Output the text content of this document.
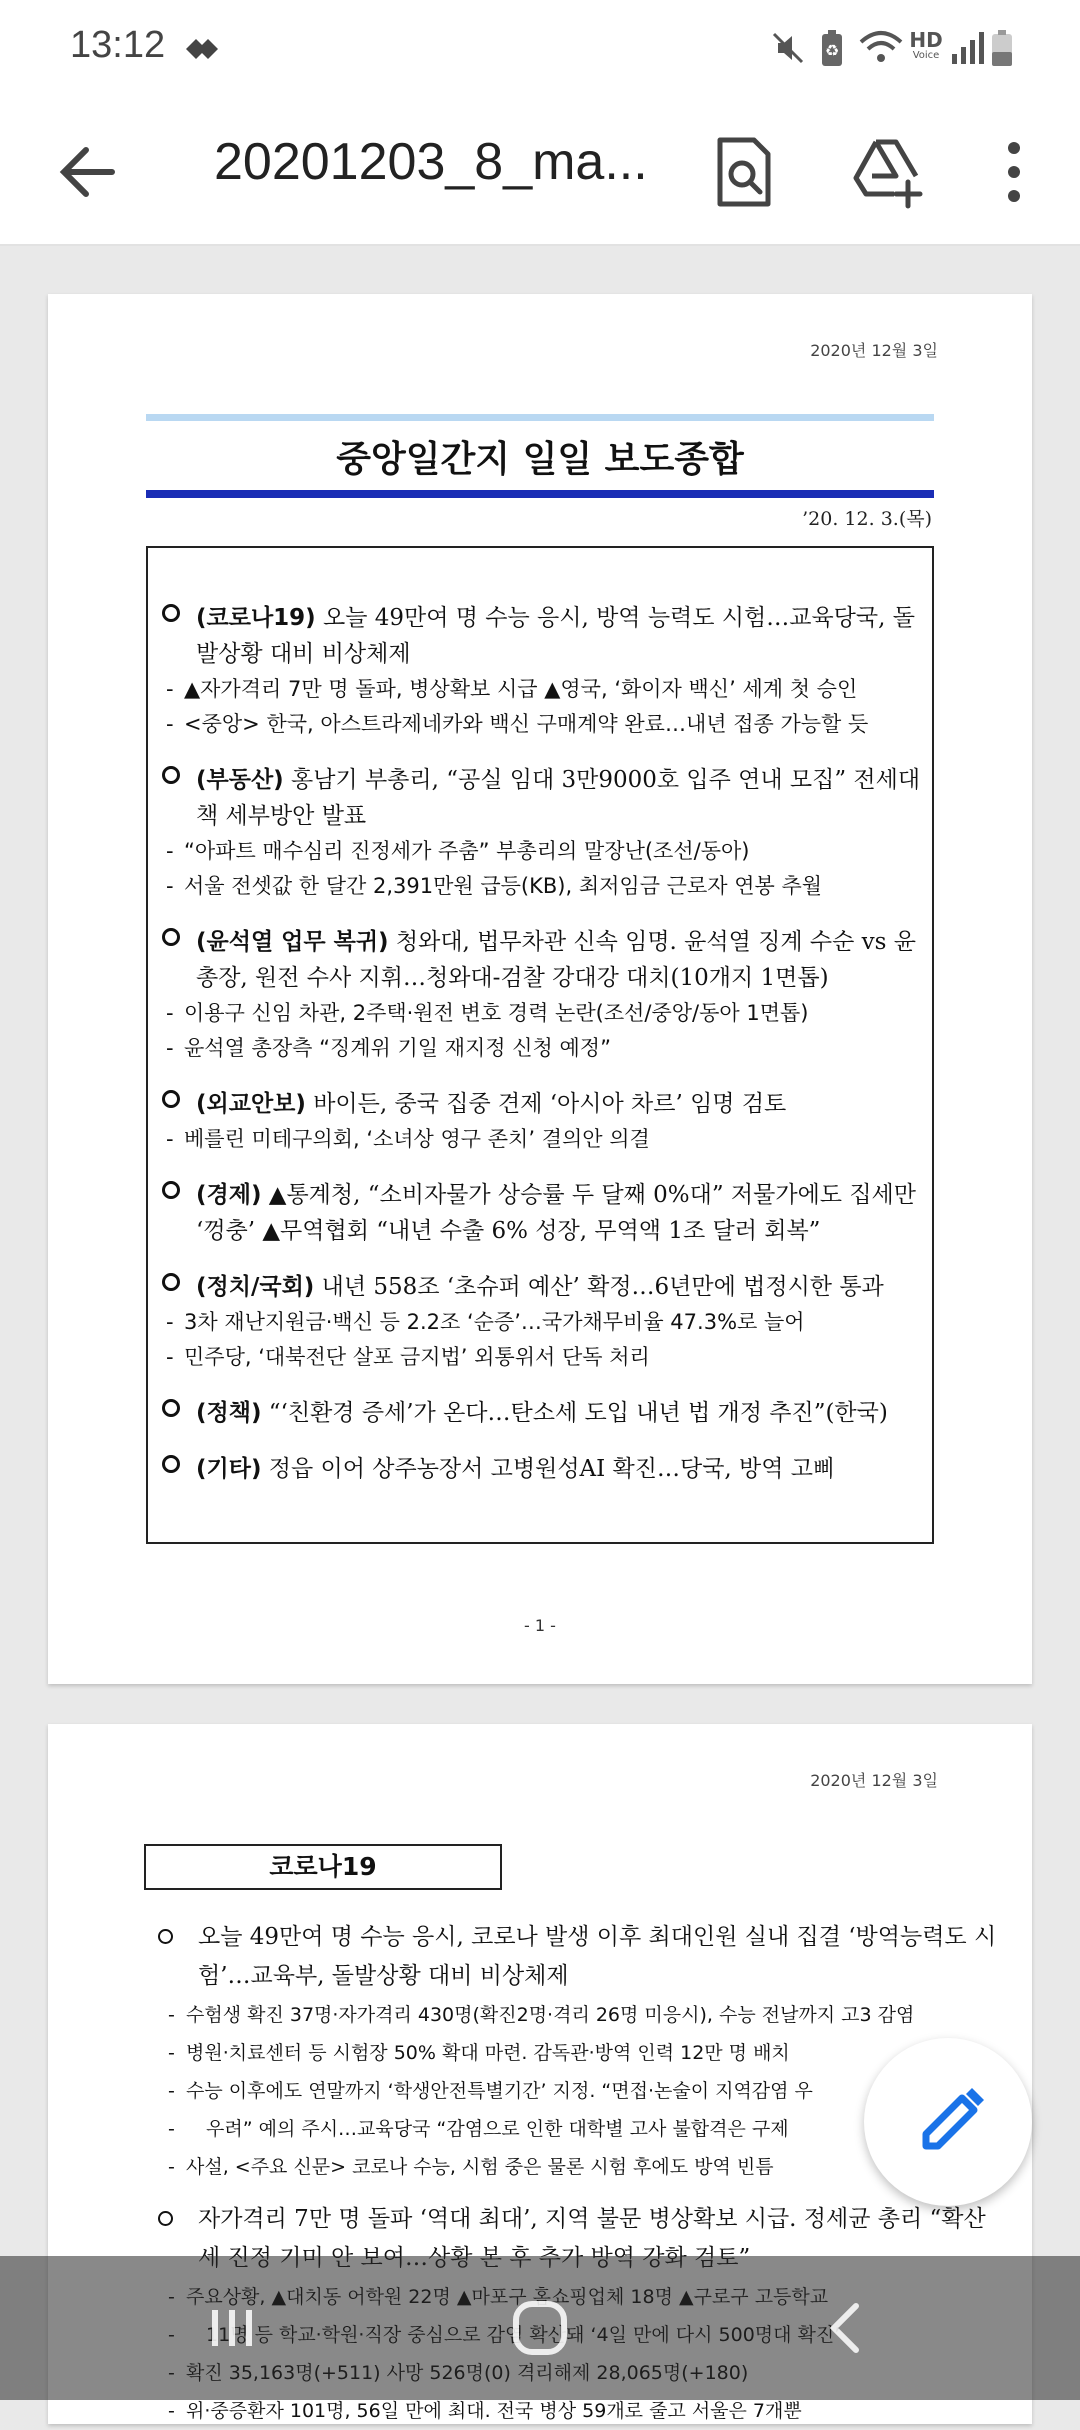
13:12	♻	HD
Voice
20201203_8_ma...
2020년 12월 3일
중앙일간지 일일 보도종합
’20. 12. 3.(목)
(코로나19) 오늘 49만여 명 수능 응시, 방역 능력도 시험…교육당국, 돌발상황 대비 비상체제
- ▲자가격리 7만 명 돌파, 병상확보 시급 ▲영국, ‘화이자 백신’ 세계 첫 승인
- <중앙> 한국, 아스트라제네카와 백신 구매계약 완료…내년 접종 가능할 듯
(부동산) 홍남기 부총리, “공실 임대 3만9000호 입주 연내 모집” 전세대책 세부방안 발표
- “아파트 매수심리 진정세가 주춤” 부총리의 말장난(조선/동아)
- 서울 전셋값 한 달간 2,391만원 급등(KB), 최저임금 근로자 연봉 추월
(윤석열 업무 복귀) 청와대, 법무차관 신속 임명. 윤석열 징계 수순 vs 윤 총장, 원전 수사 지휘…청와대-검찰 강대강 대치(10개지 1면톱)
- 이용구 신임 차관, 2주택·원전 변호 경력 논란(조선/중앙/동아 1면톱)
- 윤석열 총장측 “징계위 기일 재지정 신청 예정”
(외교안보) 바이든, 중국 집중 견제 ‘아시아 차르’ 임명 검토
- 베를린 미테구의회, ‘소녀상 영구 존치’ 결의안 의결
(경제) ▲통계청, “소비자물가 상승률 두 달째 0%대” 저물가에도 집세만 ‘껑충’ ▲무역협회 “내년 수출 6% 성장, 무역액 1조 달러 회복”
(정치/국회) 내년 558조 ‘초슈퍼 예산’ 확정…6년만에 법정시한 통과
- 3차 재난지원금·백신 등 2.2조 ‘순증’…국가채무비율 47.3%로 늘어
- 민주당, ‘대북전단 살포 금지법’ 외통위서 단독 처리
(정책) “‘친환경 증세’가 온다…탄소세 도입 내년 법 개정 추진”(한국)
(기타) 정읍 이어 상주농장서 고병원성AI 확진…당국, 방역 고삐
- 1 -
2020년 12월 3일
코로나19
오늘 49만여 명 수능 응시, 코로나 발생 이후 최대인원 실내 집결 ‘방역능력도 시험’…교육부, 돌발상황 대비 비상체제
- 수험생 확진 37명·자가격리 430명(확진2명·격리 26명 미응시), 수능 전날까지 고3 감염
- 병원·치료센터 등 시험장 50% 확대 마련. 감독관·방역 인력 12만 명 배치
- 수능 이후에도 연말까지 ‘학생안전특별기간’ 지정. “면접·논술이 지역감염 우
- 우려” 예의 주시…교육당국 “감염으로 인한 대학별 고사 불합격은 구제
- 사설, <주요 신문> 코로나 수능, 시험 중은 물론 시험 후에도 방역 빈틈
자가격리 7만 명 돌파 ‘역대 최대’, 지역 불문 병상확보 시급. 정세균 총리 “확산
-
-
-
- 위·중증환자 101명, 56일 만에 최대. 전국 병상 59개로 줄고 서울은 7개뿐
